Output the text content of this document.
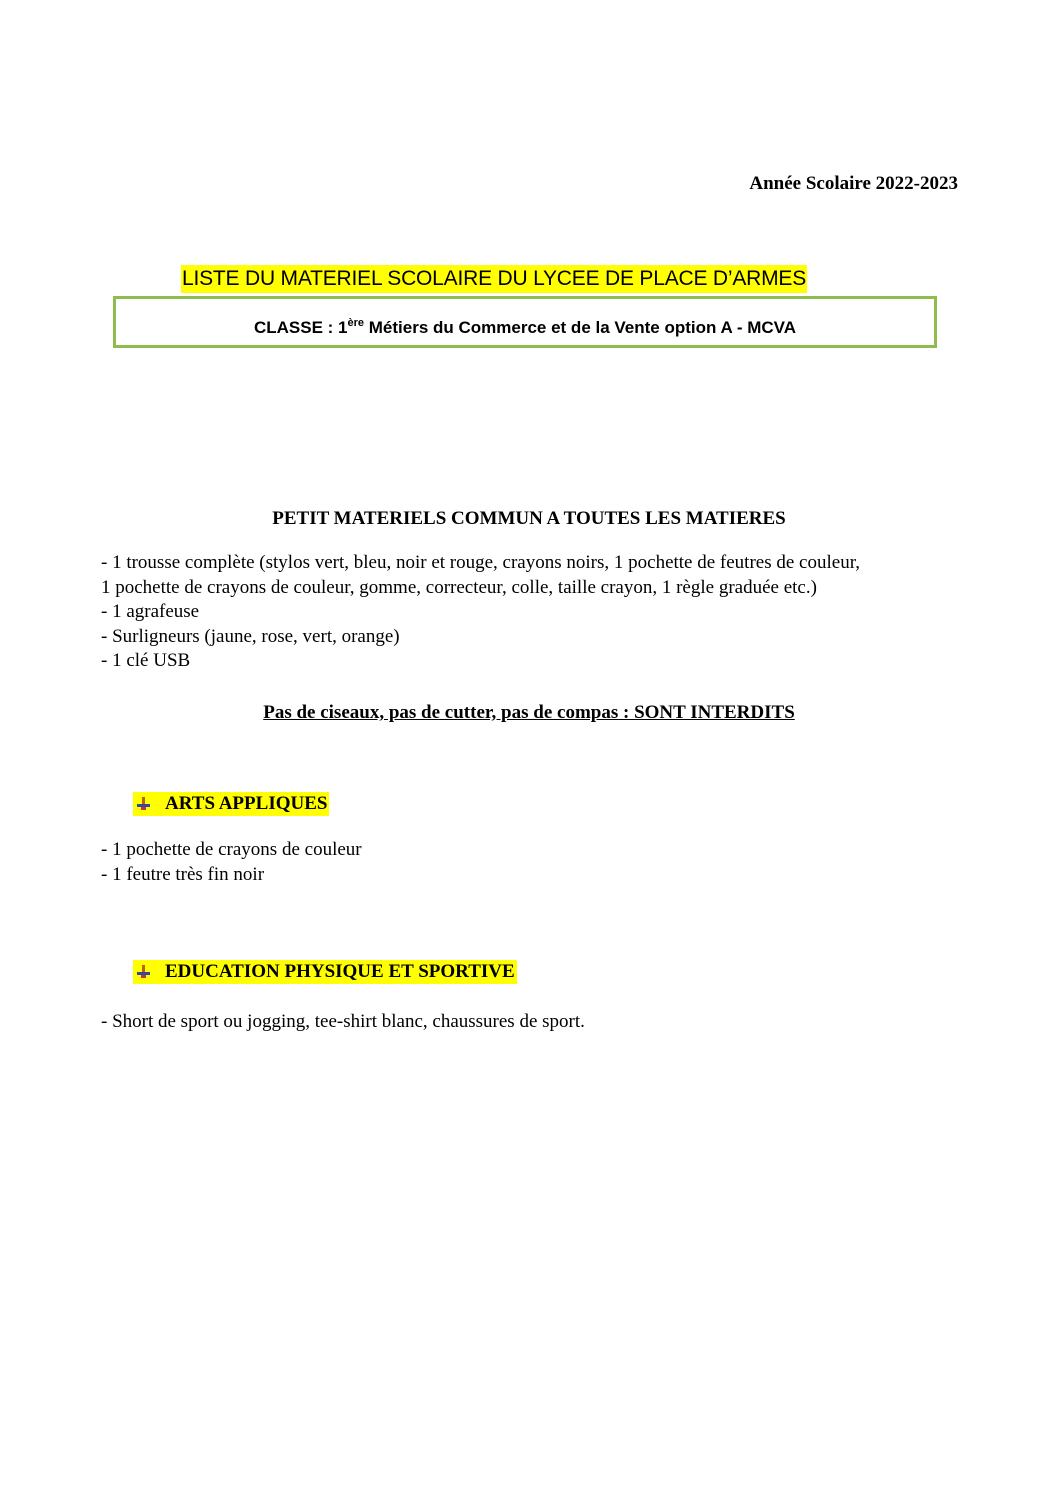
Année Scolaire 2022-2023
LISTE DU MATERIEL SCOLAIRE DU LYCEE DE PLACE D’ARMES
CLASSE : 1ère Métiers du Commerce et de la Vente option A - MCVA
PETIT MATERIELS COMMUN A TOUTES LES MATIERES
- 1 trousse complète (stylos vert, bleu, noir et rouge, crayons noirs, 1 pochette de feutres de couleur,
1 pochette de crayons de couleur, gomme, correcteur, colle, taille crayon, 1 règle graduée etc.)
- 1 agrafeuse
- Surligneurs (jaune, rose, vert, orange)
- 1 clé USB
Pas de ciseaux, pas de cutter, pas de compas : SONT INTERDITS
ARTS APPLIQUES
- 1 pochette de crayons de couleur
- 1 feutre très fin noir
EDUCATION PHYSIQUE ET SPORTIVE
- Short de sport ou jogging, tee-shirt blanc, chaussures de sport.
